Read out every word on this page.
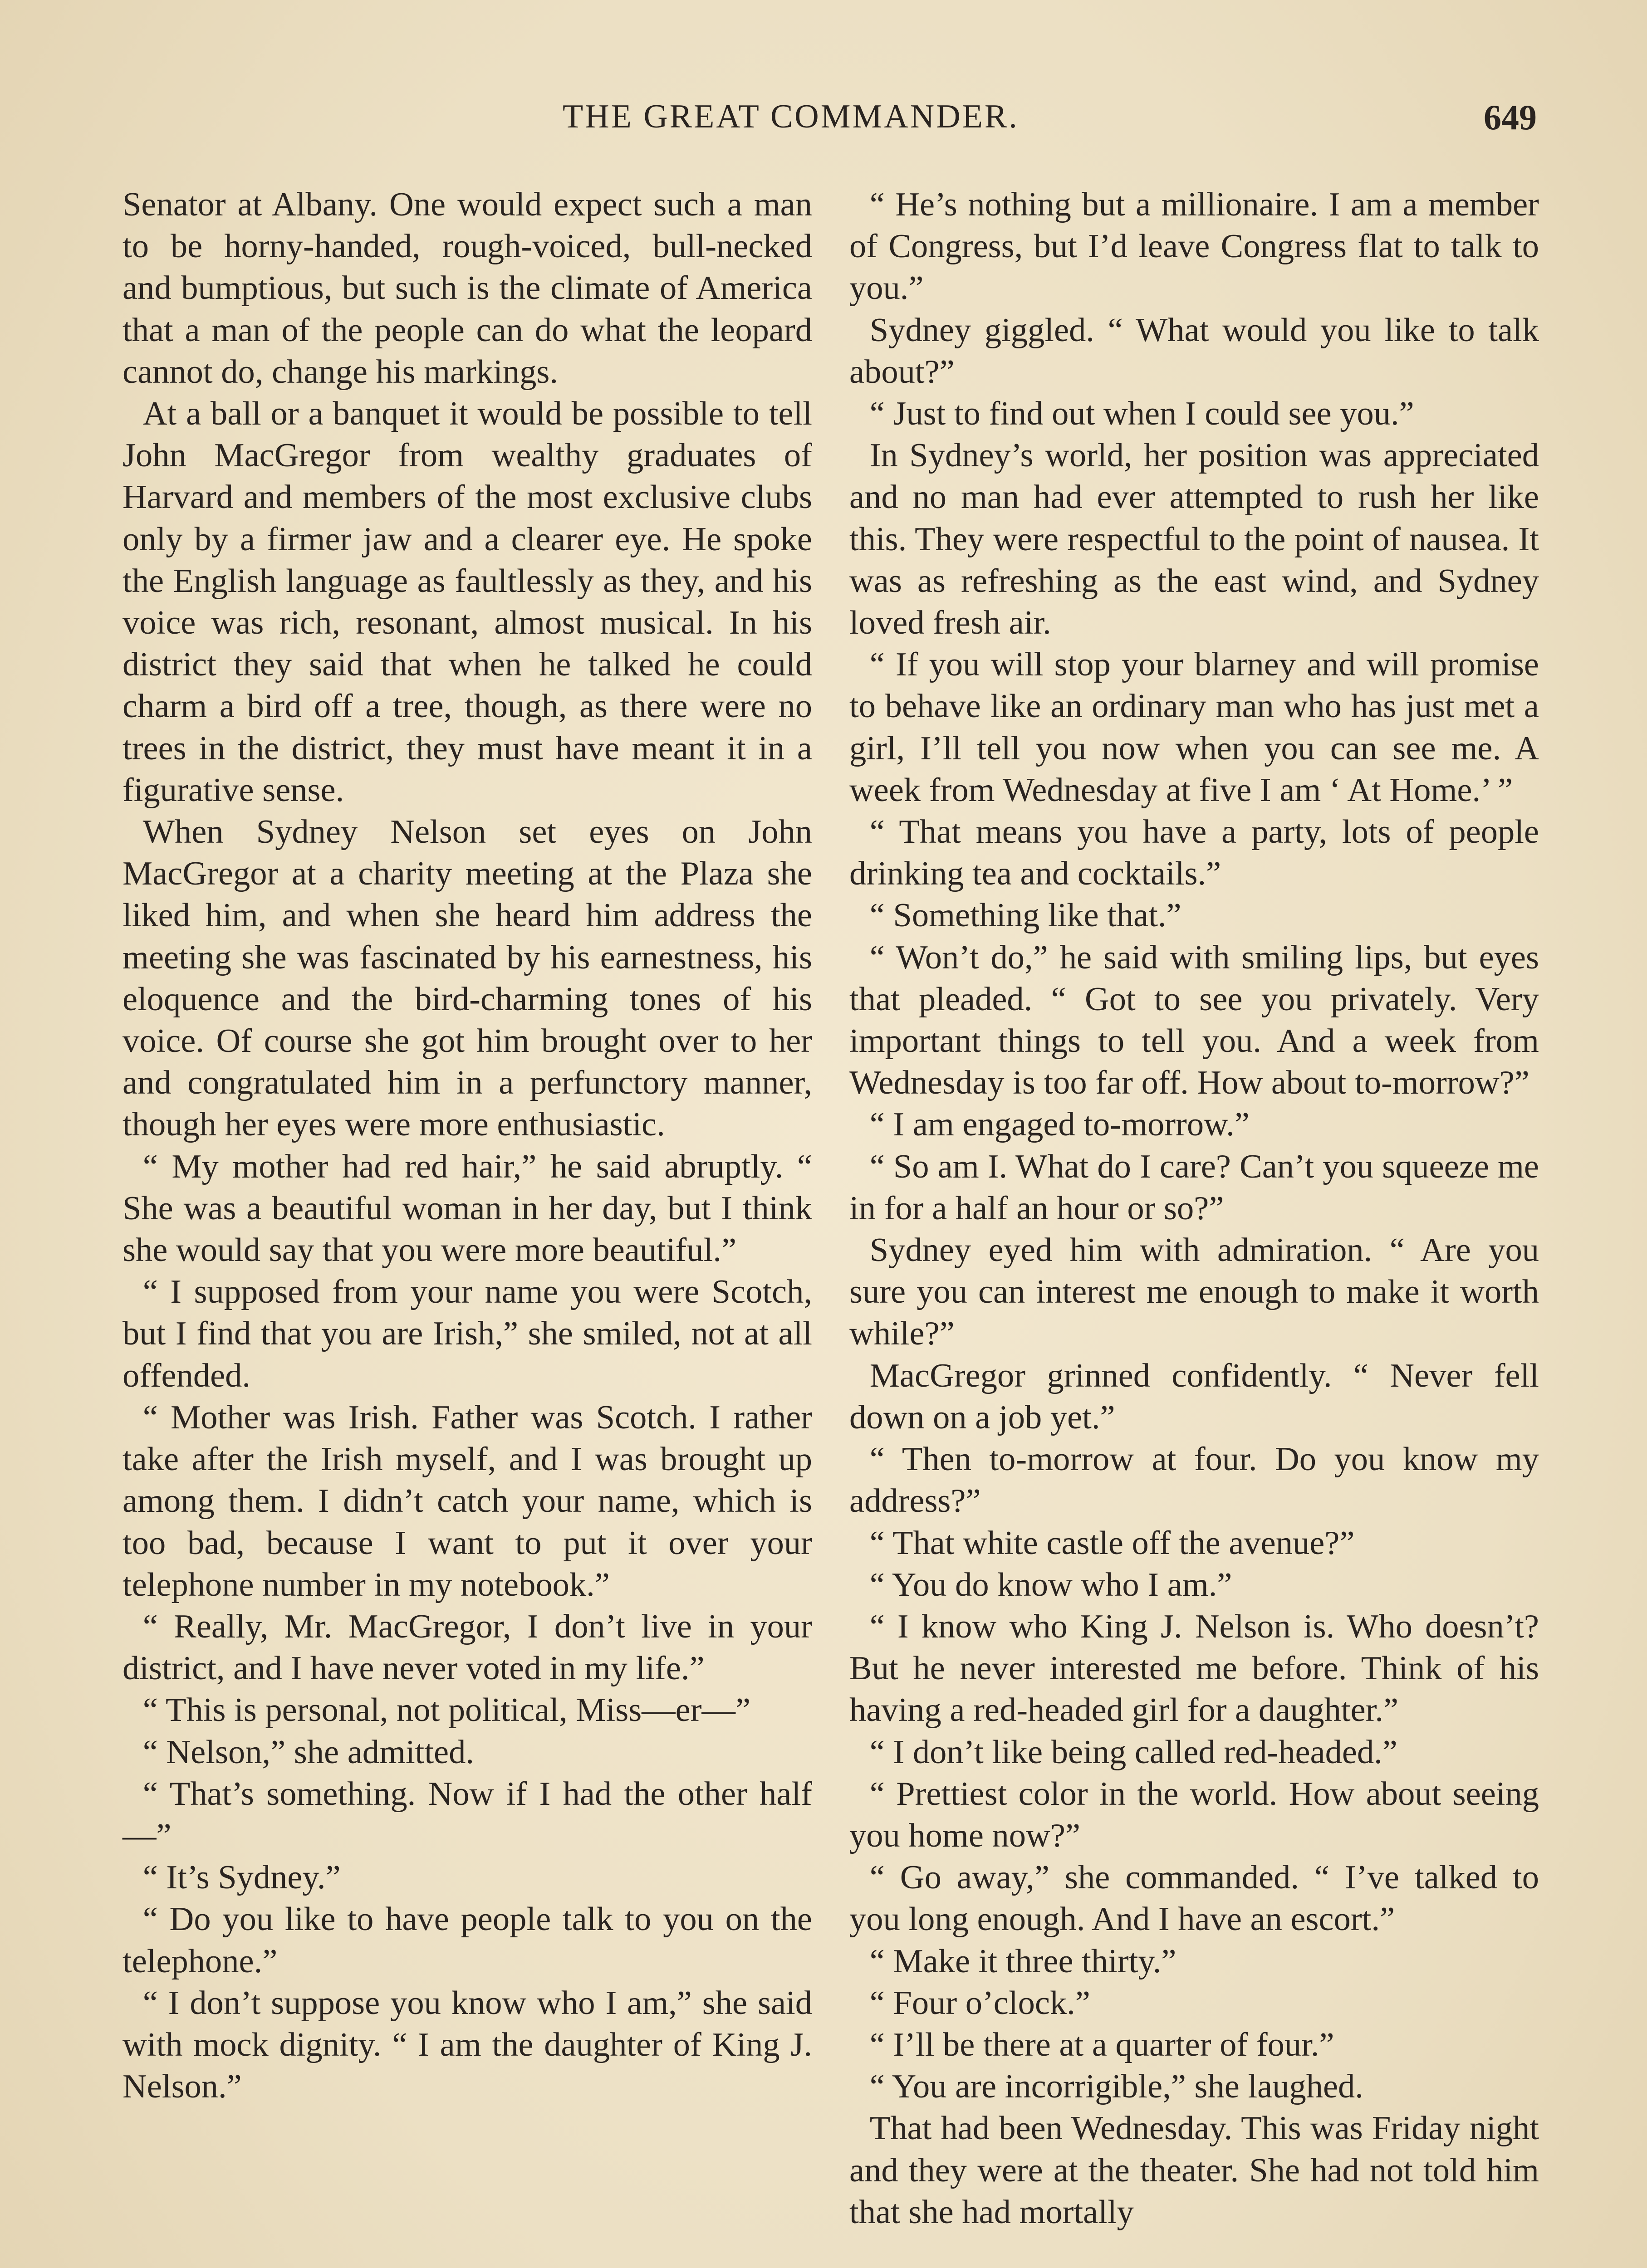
THE GREAT COMMANDER.	649

Senator at Albany. One would expect such a man to be horny-handed, rough-voiced, bull-necked and bumptious, but such is the climate of America that a man of the people can do what the leopard cannot do, change his markings.

At a ball or a banquet it would be possible to tell John MacGregor from wealthy graduates of Harvard and members of the most exclusive clubs only by a firmer jaw and a clearer eye. He spoke the English language as faultlessly as they, and his voice was rich, resonant, almost musical. In his district they said that when he talked he could charm a bird off a tree, though, as there were no trees in the district, they must have meant it in a figurative sense.

When Sydney Nelson set eyes on John MacGregor at a charity meeting at the Plaza she liked him, and when she heard him address the meeting she was fascinated by his earnestness, his eloquence and the bird-charming tones of his voice. Of course she got him brought over to her and congratulated him in a perfunctory manner, though her eyes were more enthusiastic.

“ My mother had red hair,” he said abruptly. “ She was a beautiful woman in her day, but I think she would say that you were more beautiful.”

“ I supposed from your name you were Scotch, but I find that you are Irish,” she smiled, not at all offended.

“ Mother was Irish. Father was Scotch. I rather take after the Irish myself, and I was brought up among them. I didn’t catch your name, which is too bad, because I want to put it over your telephone number in my notebook.”

“ Really, Mr. MacGregor, I don’t live in your district, and I have never voted in my life.”

“ This is personal, not political, Miss—er—”

“ Nelson,” she admitted.

“ That’s something. Now if I had the other half—”

“ It’s Sydney.”

“ Do you like to have people talk to you on the telephone.”

“ I don’t suppose you know who I am,” she said with mock dignity. “ I am the daughter of King J. Nelson.”

“ He’s nothing but a millionaire. I am a member of Congress, but I’d leave Congress flat to talk to you.”

Sydney giggled. “ What would you like to talk about?”

“ Just to find out when I could see you.”

In Sydney’s world, her position was appreciated and no man had ever attempted to rush her like this. They were respectful to the point of nausea. It was as refreshing as the east wind, and Sydney loved fresh air.

“ If you will stop your blarney and will promise to behave like an ordinary man who has just met a girl, I’ll tell you now when you can see me. A week from Wednesday at five I am ‘ At Home.’ ”

“ That means you have a party, lots of people drinking tea and cocktails.”

“ Something like that.”

“ Won’t do,” he said with smiling lips, but eyes that pleaded. “ Got to see you privately. Very important things to tell you. And a week from Wednesday is too far off. How about to-morrow?”

“ I am engaged to-morrow.”

“ So am I. What do I care? Can’t you squeeze me in for a half an hour or so?”

Sydney eyed him with admiration. “ Are you sure you can interest me enough to make it worth while?”

MacGregor grinned confidently. “ Never fell down on a job yet.”

“ Then to-morrow at four. Do you know my address?”

“ That white castle off the avenue?”

“ You do know who I am.”

“ I know who King J. Nelson is. Who doesn’t? But he never interested me before. Think of his having a red-headed girl for a daughter.”

“ I don’t like being called red-headed.”

“ Prettiest color in the world. How about seeing you home now?”

“ Go away,” she commanded. “ I’ve talked to you long enough. And I have an escort.”

“ Make it three thirty.”

“ Four o’clock.”

“ I’ll be there at a quarter of four.”

“ You are incorrigible,” she laughed.

That had been Wednesday. This was Friday night and they were at the theater. She had not told him that she had mortally
